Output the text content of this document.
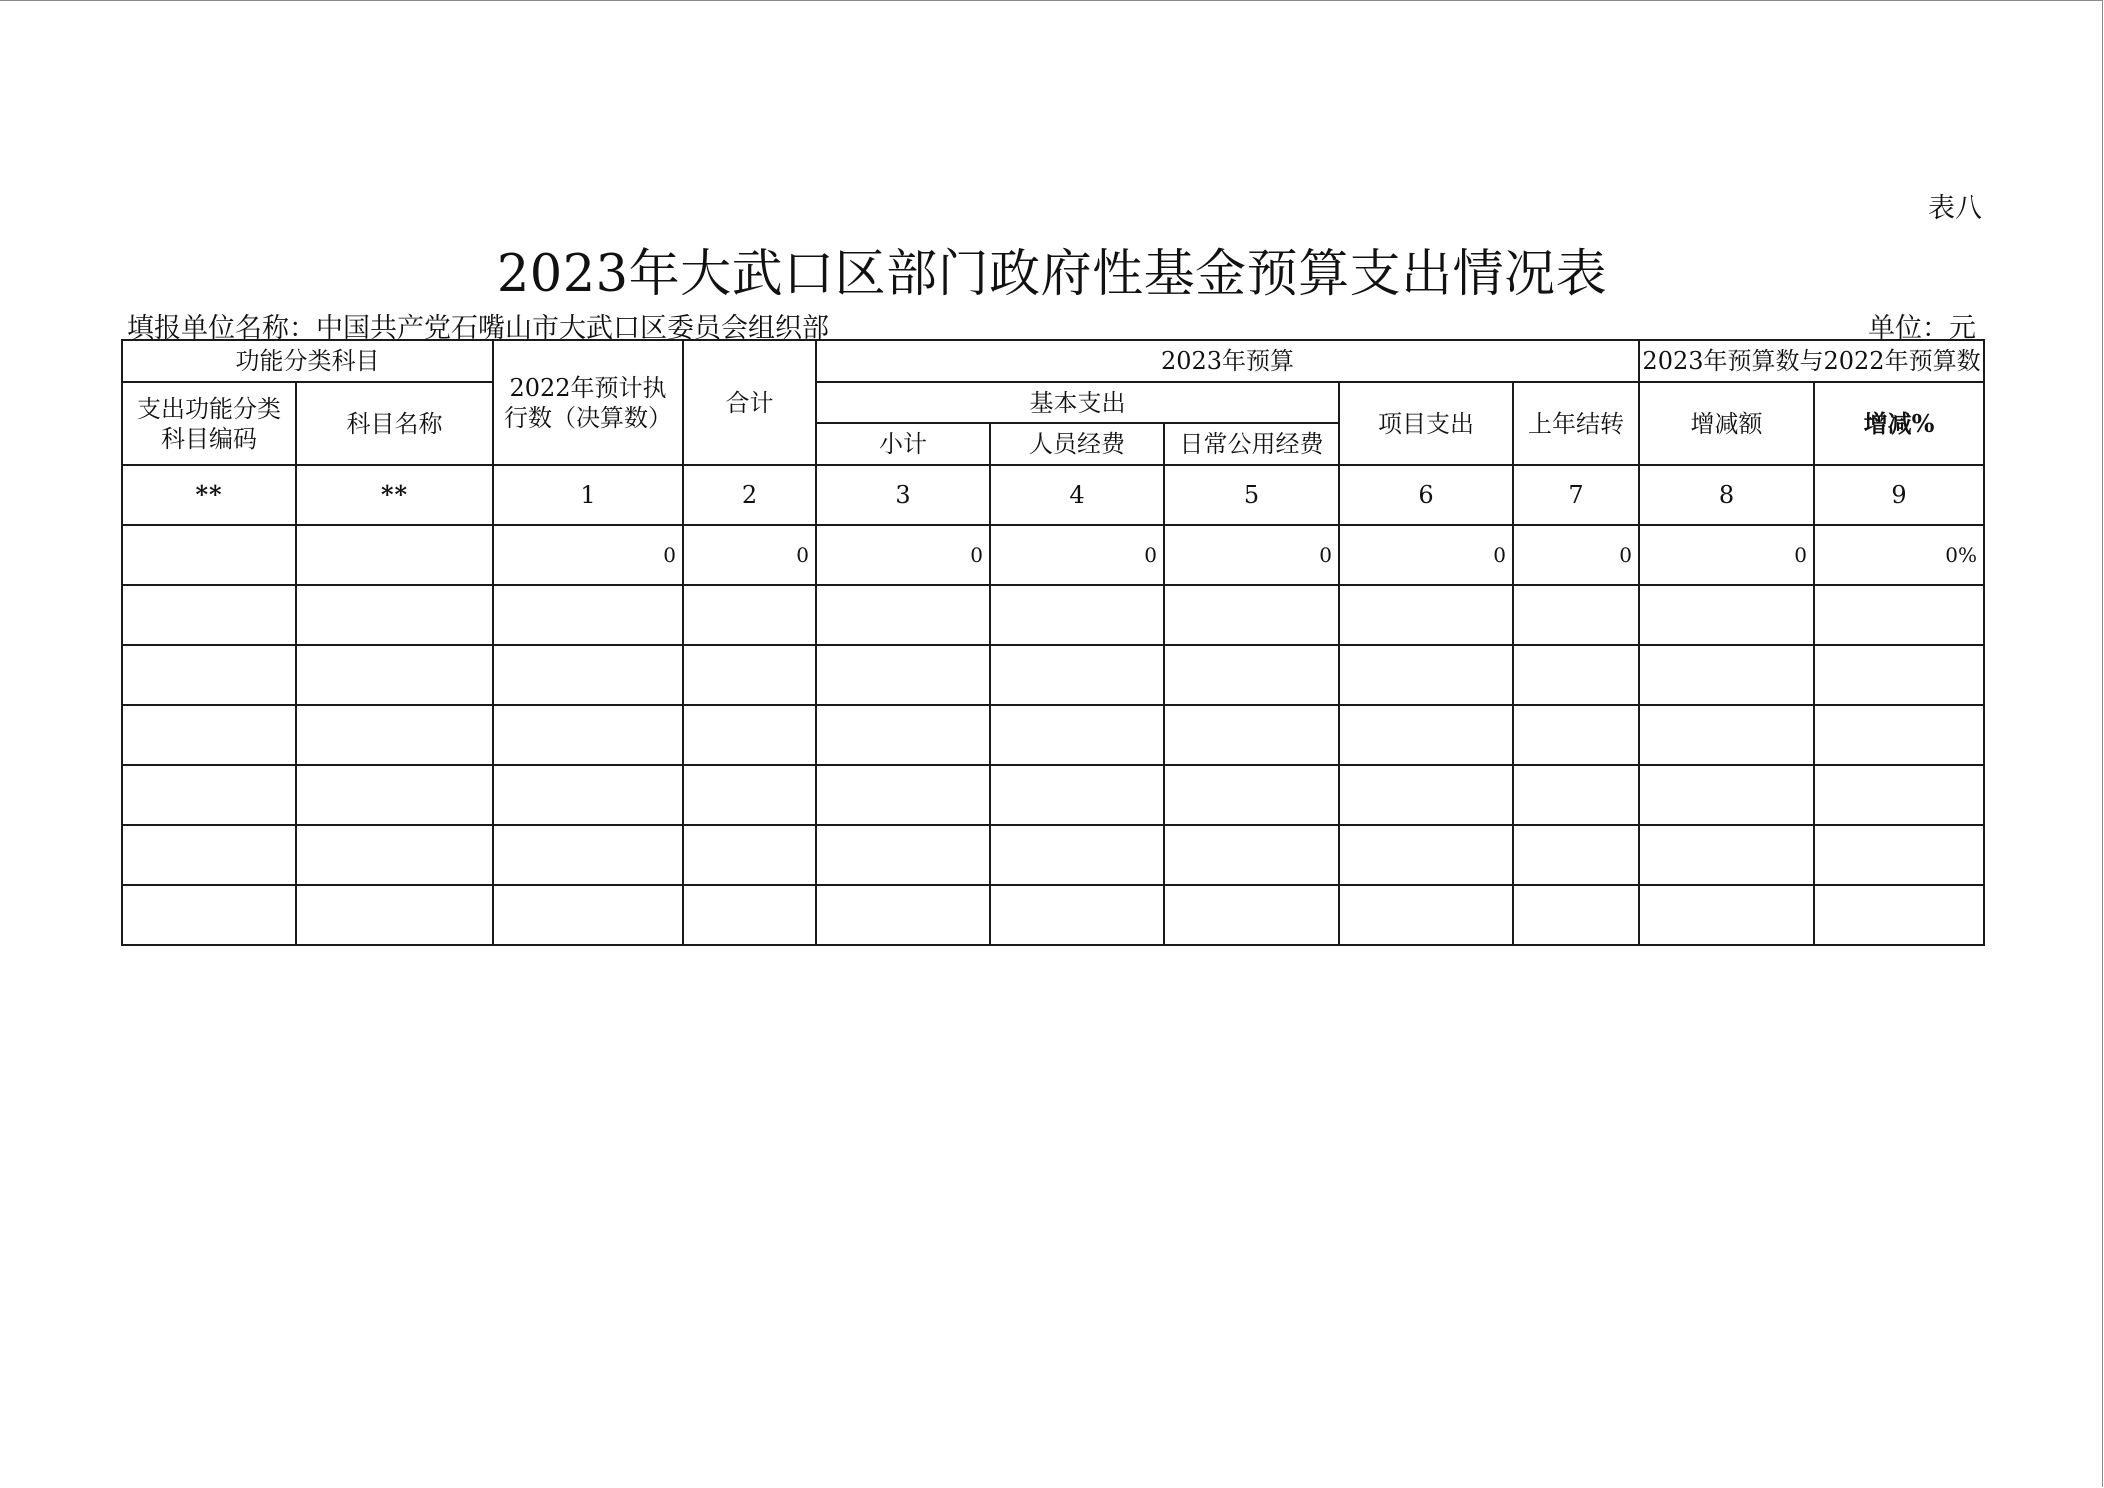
表八
2023年大武口区部门政府性基金预算支出情况表
填报单位名称：中国共产党石嘴山市大武口区委员会组织部	单位：元
功能分类科目		2022年预计执行数（决算数）	合计	2023年预算					2023年预算数与2022年预算数	
支出功能分类科目编码	科目名称			基本支出			项目支出	上年结转	增减额	增减%
				小计	人员经费	日常公用经费				
**	**	1	2	3	4	5	6	7	8	9
		0	0	0	0	0	0	0	0	0%
